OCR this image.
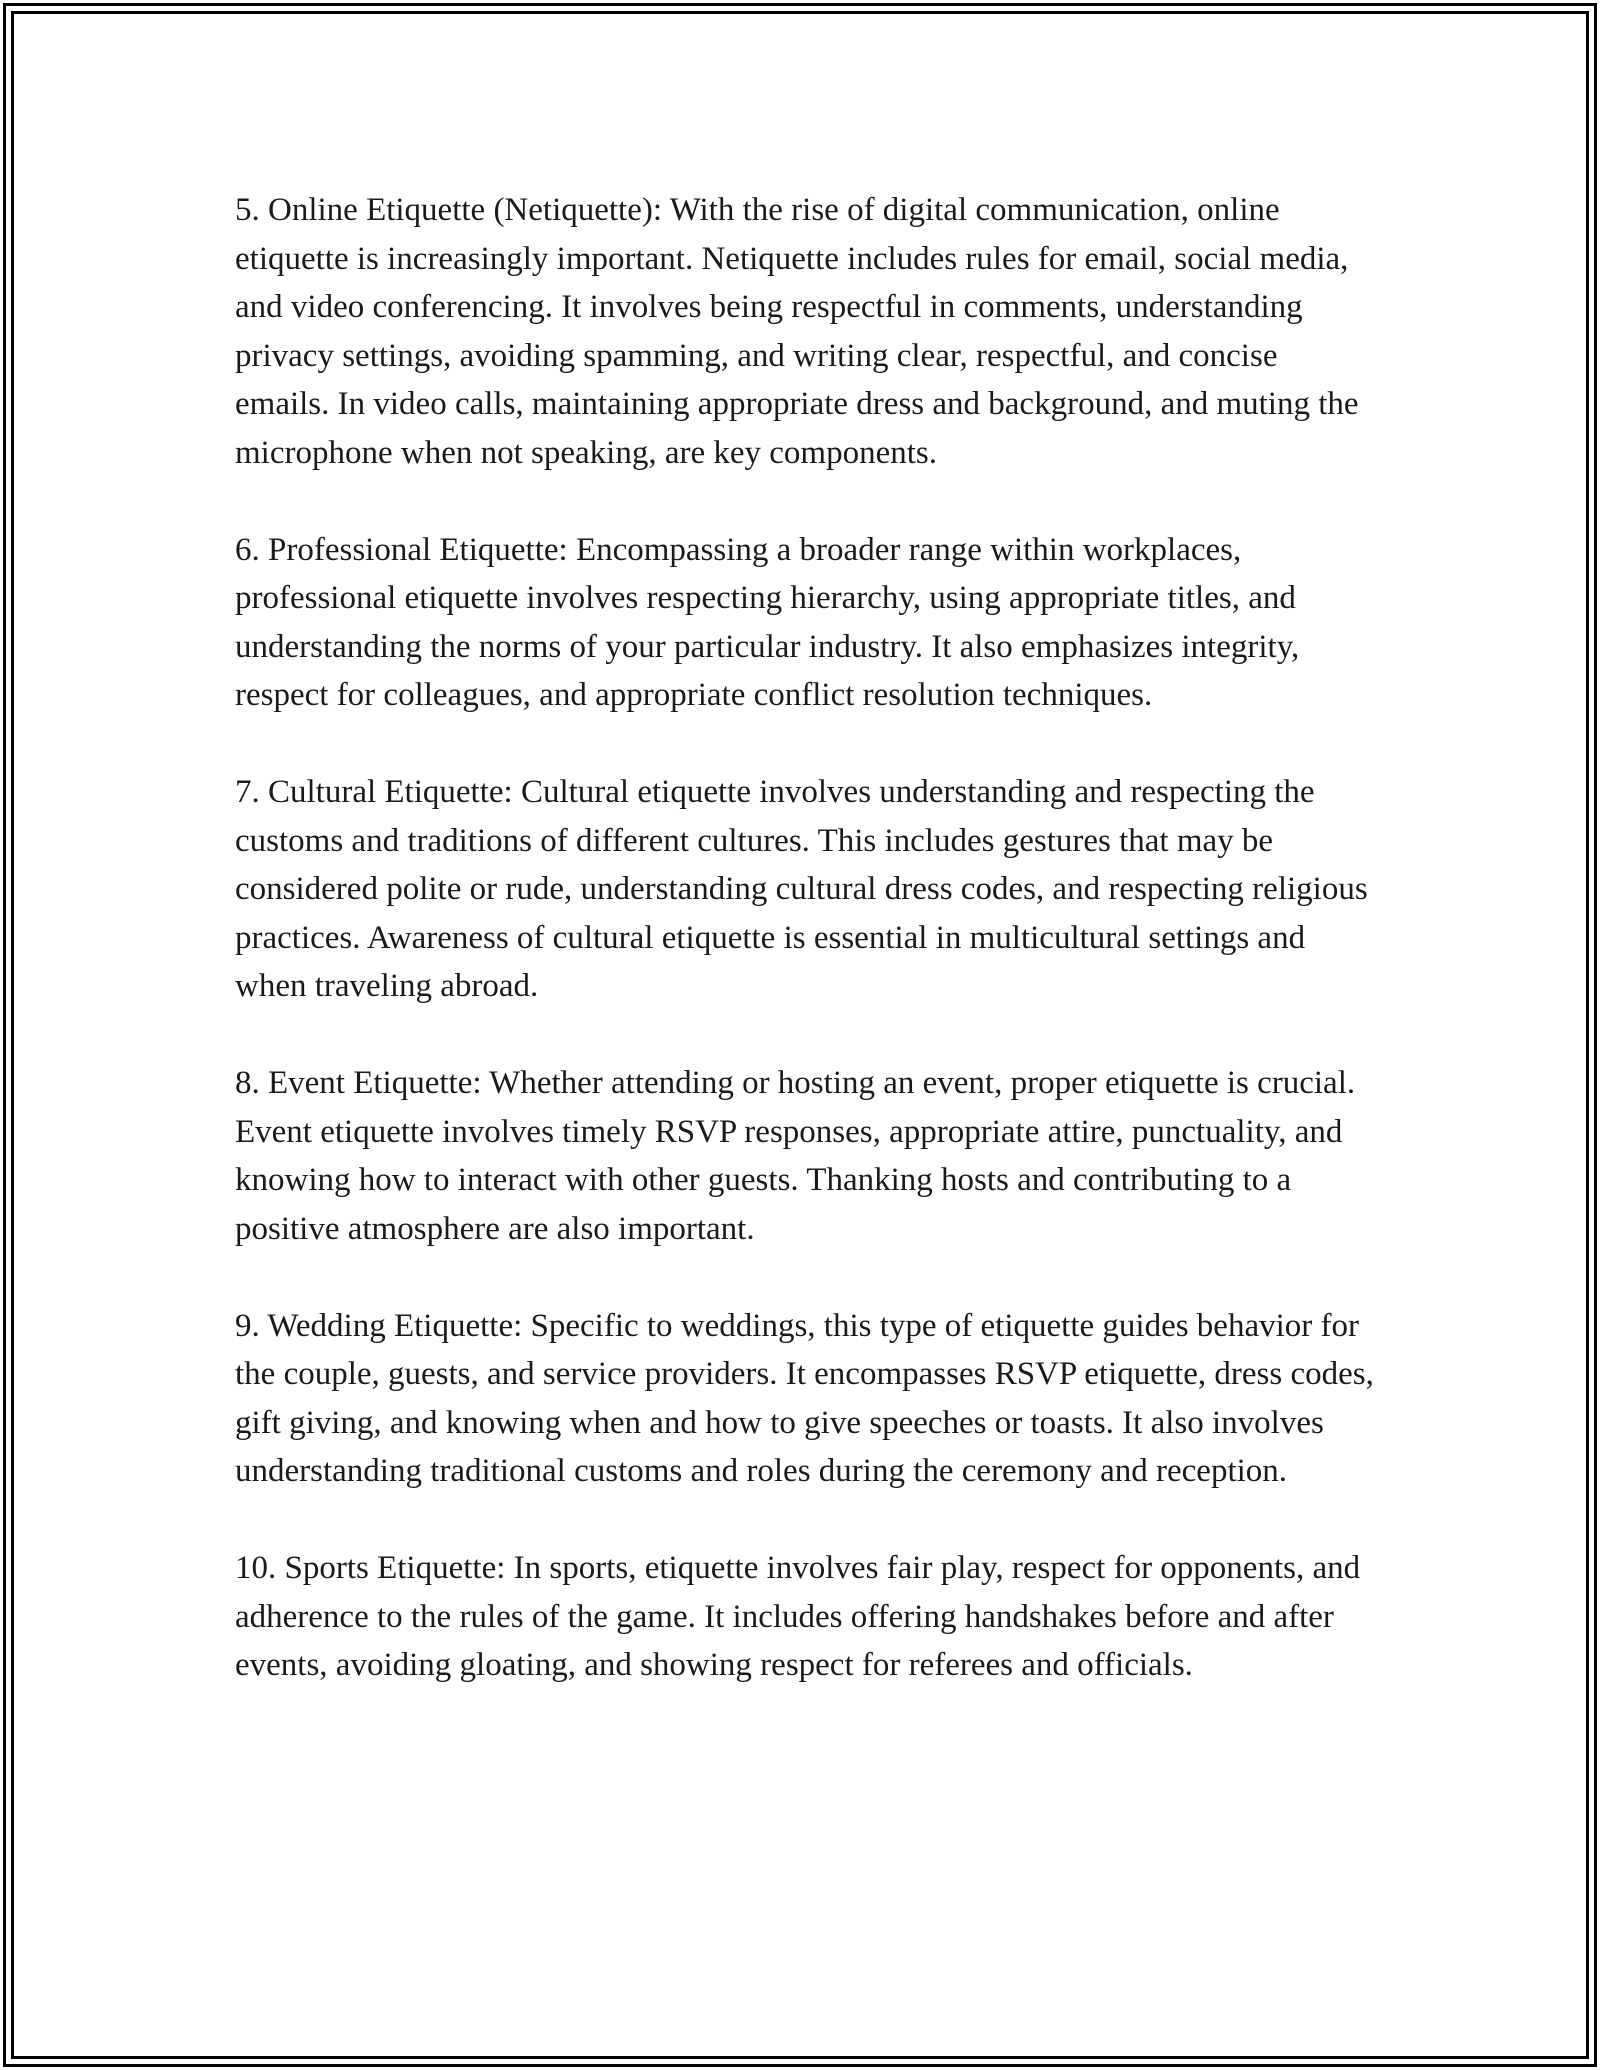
5. Online Etiquette (Netiquette): With the rise of digital communication, online etiquette is increasingly important. Netiquette includes rules for email, social media, and video conferencing. It involves being respectful in comments, understanding privacy settings, avoiding spamming, and writing clear, respectful, and concise emails. In video calls, maintaining appropriate dress and background, and muting the microphone when not speaking, are key components.

6. Professional Etiquette: Encompassing a broader range within workplaces, professional etiquette involves respecting hierarchy, using appropriate titles, and understanding the norms of your particular industry. It also emphasizes integrity, respect for colleagues, and appropriate conflict resolution techniques.

7. Cultural Etiquette: Cultural etiquette involves understanding and respecting the customs and traditions of different cultures. This includes gestures that may be considered polite or rude, understanding cultural dress codes, and respecting religious practices. Awareness of cultural etiquette is essential in multicultural settings and when traveling abroad.

8. Event Etiquette: Whether attending or hosting an event, proper etiquette is crucial. Event etiquette involves timely RSVP responses, appropriate attire, punctuality, and knowing how to interact with other guests. Thanking hosts and contributing to a positive atmosphere are also important.

9. Wedding Etiquette: Specific to weddings, this type of etiquette guides behavior for the couple, guests, and service providers. It encompasses RSVP etiquette, dress codes, gift giving, and knowing when and how to give speeches or toasts. It also involves understanding traditional customs and roles during the ceremony and reception.

10. Sports Etiquette: In sports, etiquette involves fair play, respect for opponents, and adherence to the rules of the game. It includes offering handshakes before and after events, avoiding gloating, and showing respect for referees and officials.
